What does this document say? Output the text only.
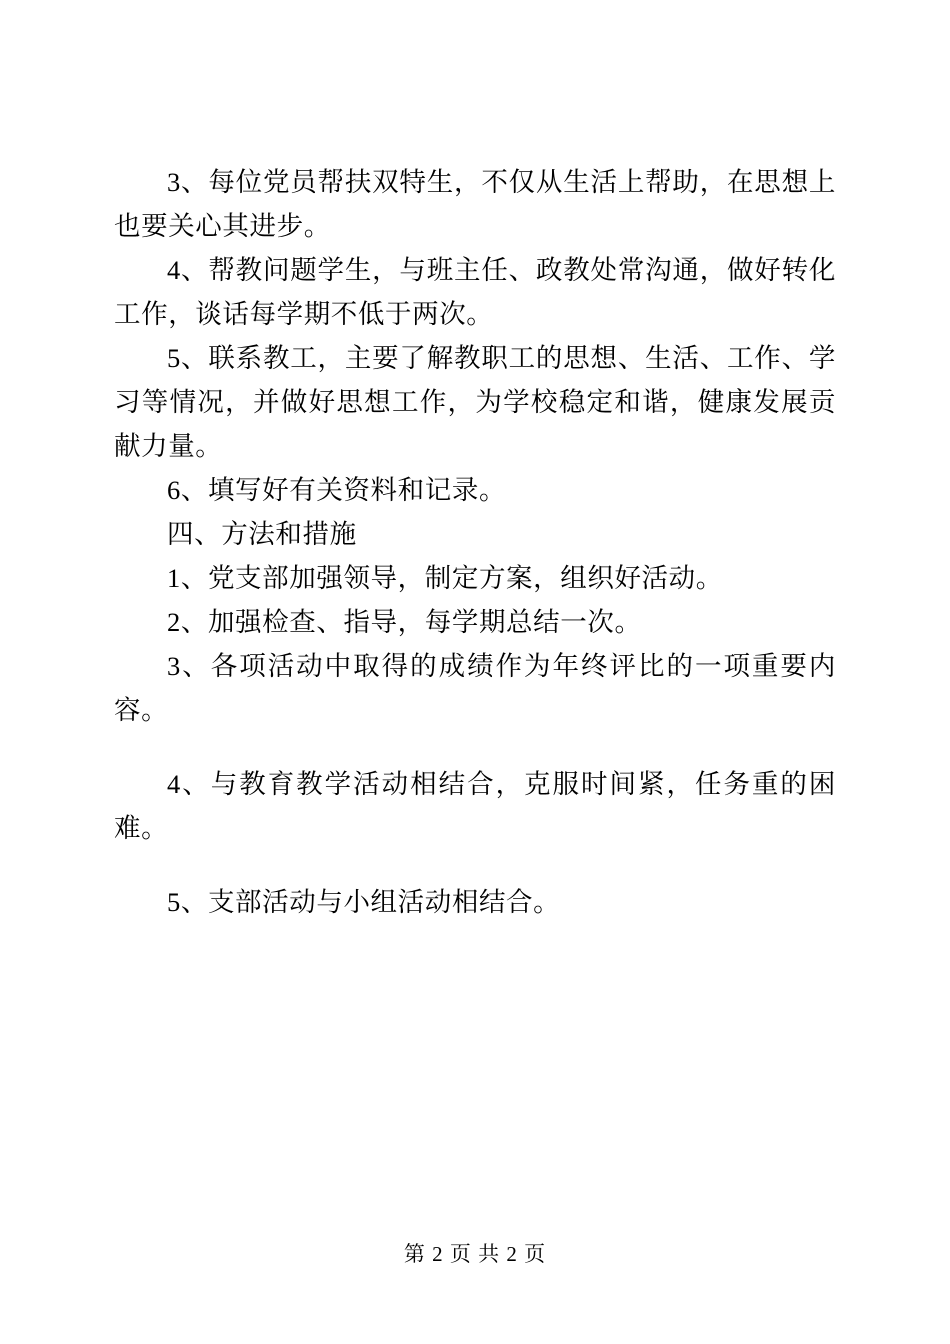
3、每位党员帮扶双特生，不仅从生活上帮助，在思想上也要关心其进步。

4、帮教问题学生，与班主任、政教处常沟通，做好转化工作，谈话每学期不低于两次。

5、联系教工，主要了解教职工的思想、生活、工作、学习等情况，并做好思想工作，为学校稳定和谐，健康发展贡献力量。

6、填写好有关资料和记录。

四、方法和措施

1、党支部加强领导，制定方案，组织好活动。

2、加强检查、指导，每学期总结一次。

3、各项活动中取得的成绩作为年终评比的一项重要内容。

4、与教育教学活动相结合，克服时间紧，任务重的困难。

5、支部活动与小组活动相结合。

第 2 页 共 2 页
